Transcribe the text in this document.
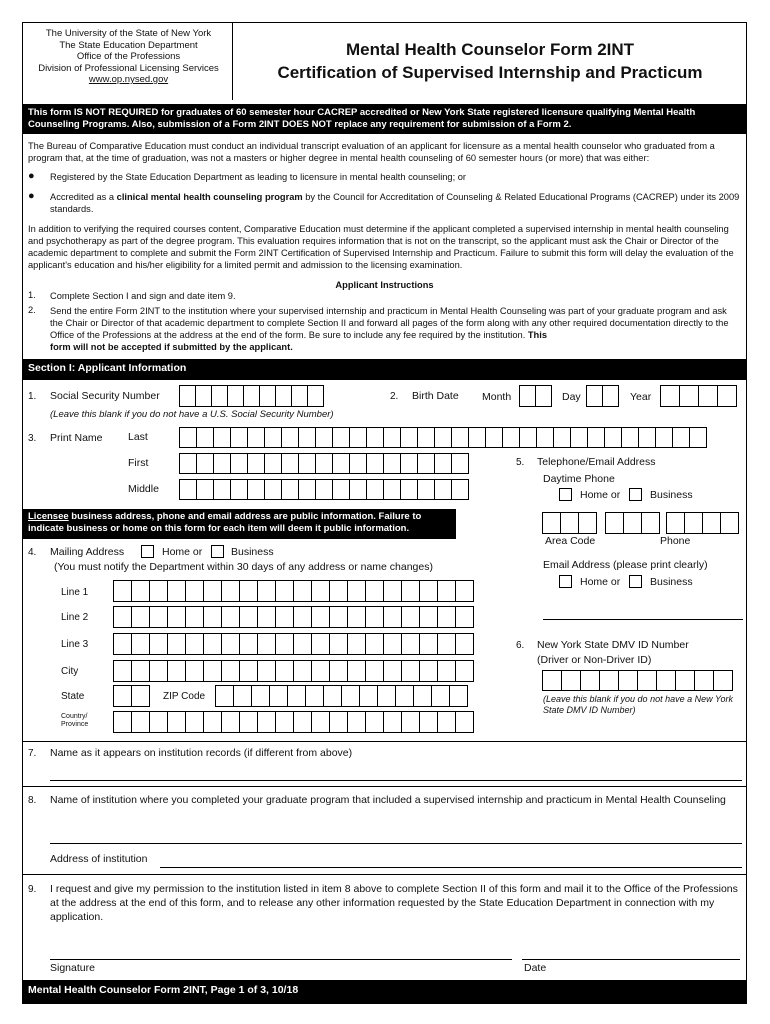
The University of the State of New York
The State Education Department
Office of the Professions
Division of Professional Licensing Services
www.op.nysed.gov
Mental Health Counselor Form 2INT
Certification of Supervised Internship and Practicum
This form IS NOT REQUIRED for graduates of 60 semester hour CACREP accredited or New York State registered licensure qualifying Mental Health Counseling Programs. Also, submission of a Form 2INT DOES NOT replace any requirement for submission of a Form 2.
The Bureau of Comparative Education must conduct an individual transcript evaluation of an applicant for licensure as a mental health counselor who graduated from a program that, at the time of graduation, was not a masters or higher degree in mental health counseling of 60 semester hours (or more) that was either:
● Registered by the State Education Department as leading to licensure in mental health counseling; or
● Accredited as a clinical mental health counseling program by the Council for Accreditation of Counseling & Related Educational Programs (CACREP) under its 2009 standards.
In addition to verifying the required courses content, Comparative Education must determine if the applicant completed a supervised internship in mental health counseling and psychotherapy as part of the degree program. This evaluation requires information that is not on the transcript, so the applicant must ask the Chair or Director of the academic department to complete and submit the Form 2INT Certification of Supervised Internship and Practicum. Failure to submit this form will delay the evaluation of the applicant's education and his/her eligibility for a limited permit and admission to the licensing examination.
Applicant Instructions
1. Complete Section I and sign and date item 9.
2. Send the entire Form 2INT to the institution where your supervised internship and practicum in Mental Health Counseling was part of your graduate program and ask the Chair or Director of that academic department to complete Section II and forward all pages of the form along with any other required documentation directly to the Office of the Professions at the address at the end of the form. Be sure to include any fee required by the institution. This
form will not be accepted if submitted by the applicant.
Section I: Applicant Information
1. Social Security Number
(Leave this blank if you do not have a U.S. Social Security Number)
2. Birth Date Month	Day	Year
3. Print Name Last
First
Middle
5. Telephone/Email Address
Daytime Phone
Home or	Business
Area Code	Phone
Email Address (please print clearly)
Home or	Business
Licensee business address, phone and email address are public information. Failure to indicate business or home on this form for each item will deem it public information.
4. Mailing Address	Home or	Business
(You must notify the Department within 30 days of any address or name changes)
Line 1
Line 2
Line 3
City
State	ZIP Code
Country/
Province
6. New York State DMV ID Number
(Driver or Non-Driver ID)
(Leave this blank if you do not have a New York State DMV ID Number)
7. Name as it appears on institution records (if different from above)
8. Name of institution where you completed your graduate program that included a supervised internship and practicum in Mental Health Counseling
Address of institution
9. I request and give my permission to the institution listed in item 8 above to complete Section II of this form and mail it to the Office of the Professions at the address at the end of this form, and to release any other information requested by the State Education Department in connection with my application.
Signature	Date
Mental Health Counselor Form 2INT, Page 1 of 3, 10/18
